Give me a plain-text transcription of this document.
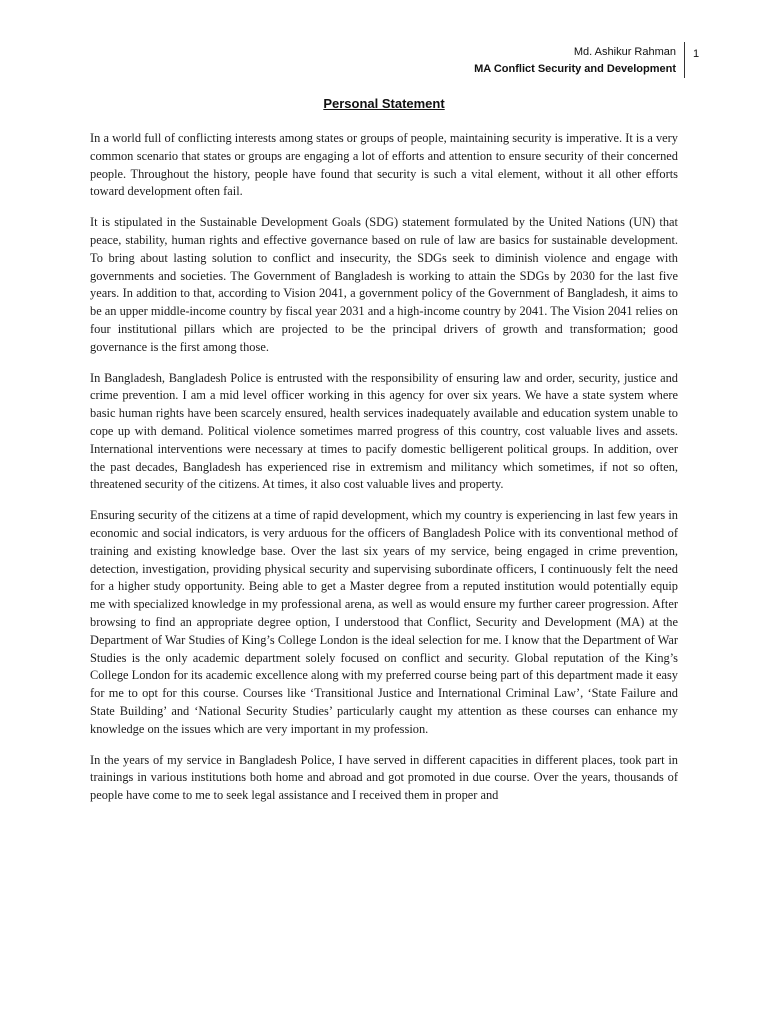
Md. Ashikur Rahman
MA Conflict Security and Development
1
Personal Statement

In a world full of conflicting interests among states or groups of people, maintaining security is imperative. It is a very common scenario that states or groups are engaging a lot of efforts and attention to ensure security of their concerned people. Throughout the history, people have found that security is such a vital element, without it all other efforts toward development often fail.

It is stipulated in the Sustainable Development Goals (SDG) statement formulated by the United Nations (UN) that peace, stability, human rights and effective governance based on rule of law are basics for sustainable development. To bring about lasting solution to conflict and insecurity, the SDGs seek to diminish violence and engage with governments and societies. The Government of Bangladesh is working to attain the SDGs by 2030 for the last five years. In addition to that, according to Vision 2041, a government policy of the Government of Bangladesh, it aims to be an upper middle-income country by fiscal year 2031 and a high-income country by 2041. The Vision 2041 relies on four institutional pillars which are projected to be the principal drivers of growth and transformation; good governance is the first among those.

In Bangladesh, Bangladesh Police is entrusted with the responsibility of ensuring law and order, security, justice and crime prevention. I am a mid level officer working in this agency for over six years. We have a state system where basic human rights have been scarcely ensured, health services inadequately available and education system unable to cope up with demand. Political violence sometimes marred progress of this country, cost valuable lives and assets. International interventions were necessary at times to pacify domestic belligerent political groups. In addition, over the past decades, Bangladesh has experienced rise in extremism and militancy which sometimes, if not so often, threatened security of the citizens. At times, it also cost valuable lives and property.

Ensuring security of the citizens at a time of rapid development, which my country is experiencing in last few years in economic and social indicators, is very arduous for the officers of Bangladesh Police with its conventional method of training and existing knowledge base. Over the last six years of my service, being engaged in crime prevention, detection, investigation, providing physical security and supervising subordinate officers, I continuously felt the need for a higher study opportunity. Being able to get a Master degree from a reputed institution would potentially equip me with specialized knowledge in my professional arena, as well as would ensure my further career progression. After browsing to find an appropriate degree option, I understood that Conflict, Security and Development (MA) at the Department of War Studies of King’s College London is the ideal selection for me. I know that the Department of War Studies is the only academic department solely focused on conflict and security. Global reputation of the King’s College London for its academic excellence along with my preferred course being part of this department made it easy for me to opt for this course. Courses like ‘Transitional Justice and International Criminal Law’, ‘State Failure and State Building’ and ‘National Security Studies’ particularly caught my attention as these courses can enhance my knowledge on the issues which are very important in my profession.

In the years of my service in Bangladesh Police, I have served in different capacities in different places, took part in trainings in various institutions both home and abroad and got promoted in due course. Over the years, thousands of people have come to me to seek legal assistance and I received them in proper and
